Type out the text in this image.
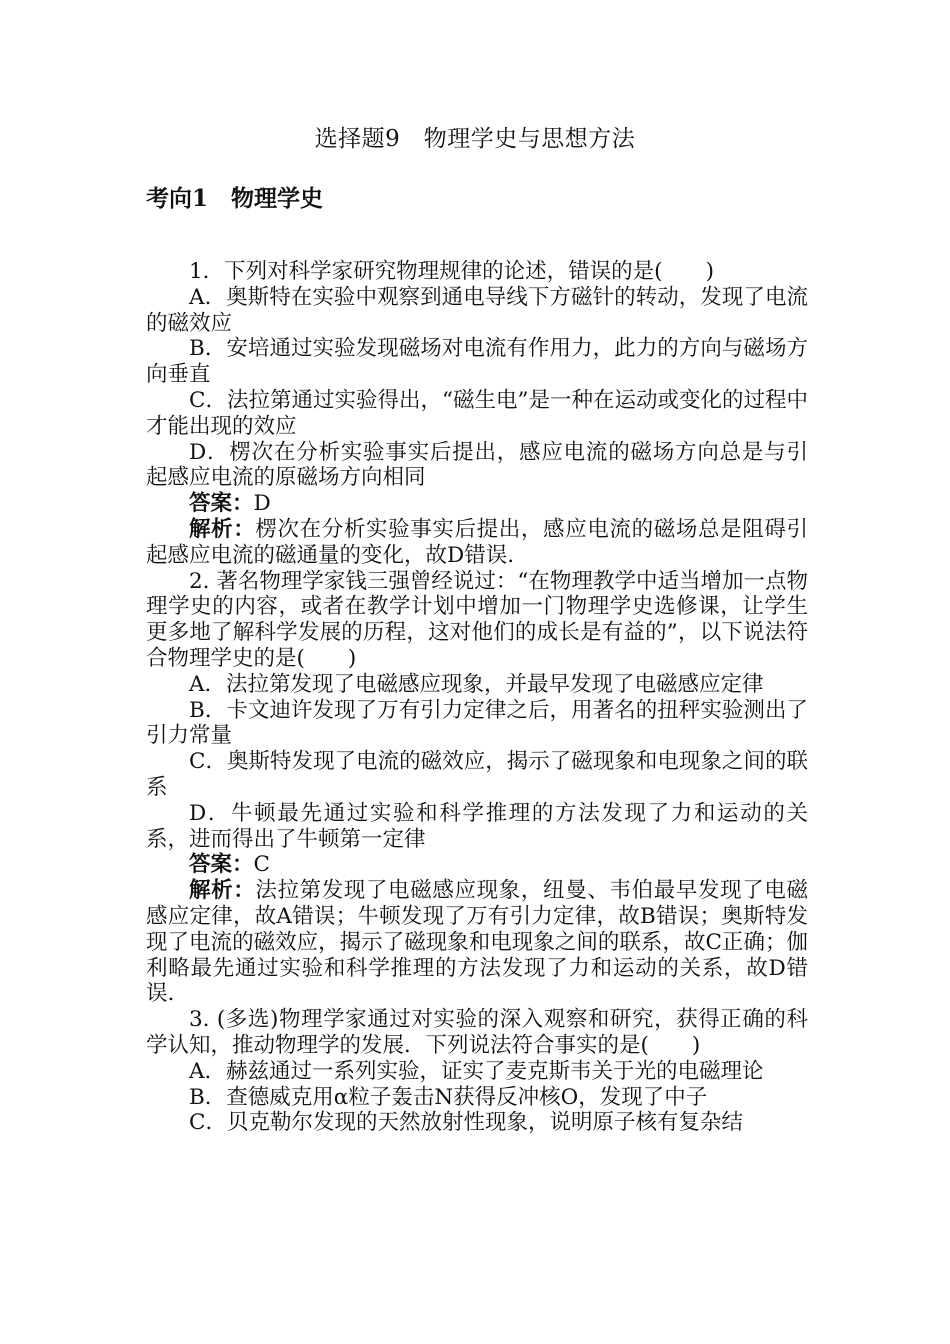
选择题9　物理学史与思想方法
考向1　物理学史

1．下列对科学家研究物理规律的论述，错误的是(　　)

A．奥斯特在实验中观察到通电导线下方磁针的转动，发现了电流的磁效应

B．安培通过实验发现磁场对电流有作用力，此力的方向与磁场方向垂直

C．法拉第通过实验得出，“磁生电”是一种在运动或变化的过程中才能出现的效应

D．楞次在分析实验事实后提出，感应电流的磁场方向总是与引起感应电流的原磁场方向相同

答案：D

解析：楞次在分析实验事实后提出，感应电流的磁场总是阻碍引起感应电流的磁通量的变化，故D错误.

2. 著名物理学家钱三强曾经说过：“在物理教学中适当增加一点物理学史的内容，或者在教学计划中增加一门物理学史选修课，让学生更多地了解科学发展的历程，这对他们的成长是有益的”，以下说法符合物理学史的是(　　)

A．法拉第发现了电磁感应现象，并最早发现了电磁感应定律

B．卡文迪许发现了万有引力定律之后，用著名的扭秤实验测出了引力常量

C．奥斯特发现了电流的磁效应，揭示了磁现象和电现象之间的联系

D．牛顿最先通过实验和科学推理的方法发现了力和运动的关系，进而得出了牛顿第一定律

答案：C

解析：法拉第发现了电磁感应现象，纽曼、韦伯最早发现了电磁感应定律，故A错误；牛顿发现了万有引力定律，故B错误；奥斯特发现了电流的磁效应，揭示了磁现象和电现象之间的联系，故C正确；伽利略最先通过实验和科学推理的方法发现了力和运动的关系，故D错误.

3. (多选)物理学家通过对实验的深入观察和研究，获得正确的科学认知，推动物理学的发展．下列说法符合事实的是(　　)

A．赫兹通过一系列实验，证实了麦克斯韦关于光的电磁理论

B．查德威克用α粒子轰击N获得反冲核O，发现了中子

C．贝克勒尔发现的天然放射性现象，说明原子核有复杂结
